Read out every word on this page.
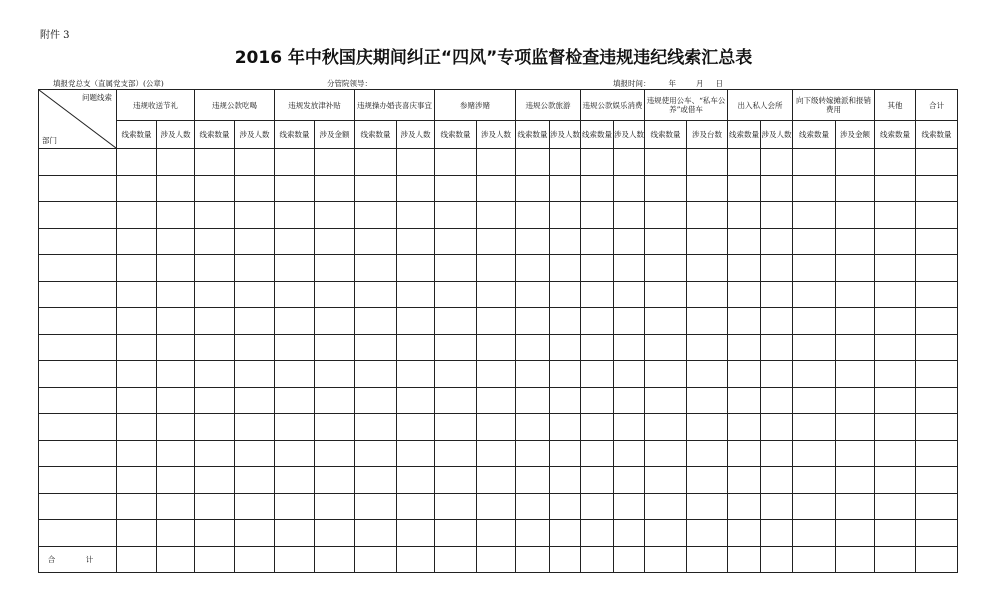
附件 3
2016 年中秋国庆期间纠正“四风”专项监督检查违规违纪线索汇总表
填报党总支（直属党支部）(公章)	分管院领导：	填报时间： 年	月 日
问题线索
部门	违规收送节礼		违规公款吃喝		违规发放津补贴		违规操办婚丧喜庆事宜		参赌涉赌		违规公款旅游		违规公款娱乐消费		违规使用公车、“私车公养”或借车		出入私人会所		向下级转嫁摊派和报销费用		其他	合计
	线索数量	涉及人数	线索数量	涉及人数	线索数量	涉及金额	线索数量	涉及人数	线索数量	涉及人数	线索数量	涉及人数	线索数量	涉及人数	线索数量	涉及台数	线索数量	涉及人数	线索数量	涉及金额	线索数量	线索数量

合 计																						
